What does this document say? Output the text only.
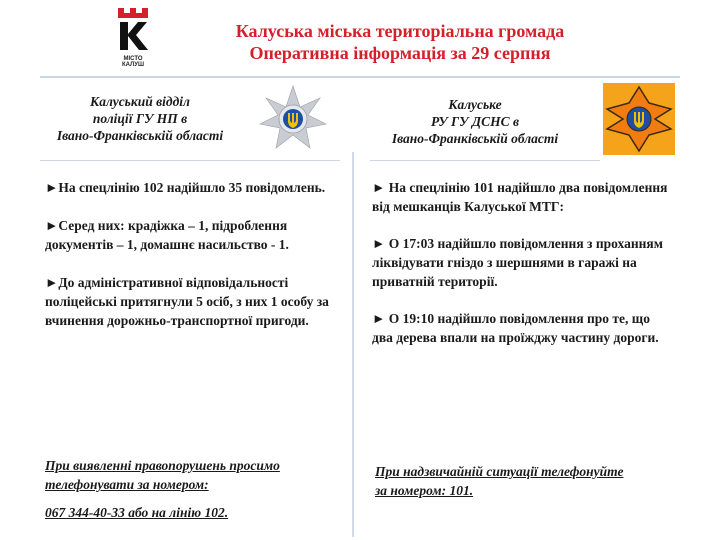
МІСТО
КАЛУШ
Калуська міська територіальна громада
Оперативна інформація за 29 серпня
Калуський відділ
поліції ГУ НП в
Івано-Франківській області
Калуське
РУ ГУ ДСНС в
Івано-Франківській області

►На спецлінію 102 надійшло 35 повідомлень.

►Серед них: крадіжка – 1, підроблення документів – 1, домашнє насильство - 1.

►До адміністративної відповідальності поліцейські притягнули 5 осіб, з них 1 особу за вчинення дорожньо-транспортної пригоди.

При виявленні правопорушень просимо

телефонувати за номером:

067 344-40-33 або на лінію 102.

► На спецлінію 101 надійшло два повідомлення від мешканців Калуської МТГ:

► О 17:03 надійшло повідомлення з проханням ліквідувати гніздо з шершнями в гаражі на приватній території.

► О 19:10 надійшло повідомлення про те, що два дерева впали на проїжджу частину дороги.

При надзвичайній ситуації телефонуйте

за номером: 101.
